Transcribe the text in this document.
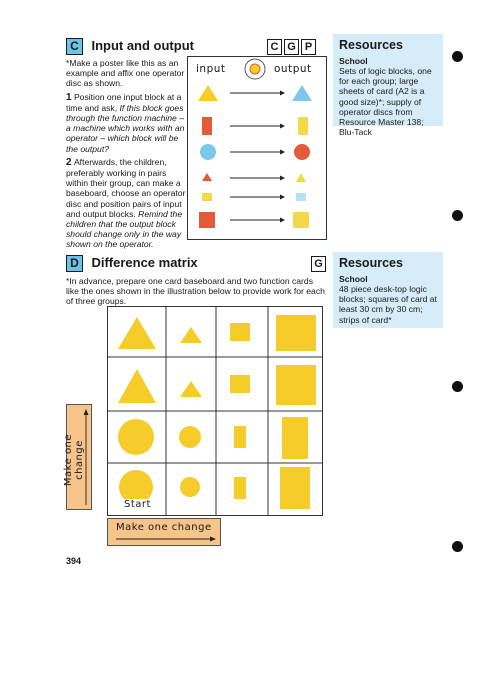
C Input and output	C G P

*Make a poster like this as an example and affix one operator disc as shown.

1 Position one input block at a time and ask, If this block goes through the function machine – a machine which works with an operator – which block will be the output?

2 Afterwards, the children, preferably working in pairs within their group, can make a baseboard, choose an operator disc and position pairs of input and output blocks. Remind the children that the output block should change only in the way shown on the operator.

input	output
Resources
School
Sets of logic blocks, one for each group; large sheets of card (A2 is a good size)*; supply of operator discs from Resource Master 138; Blu-Tack
D Difference matrix	G
*In advance, prepare one card baseboard and two function cards like the ones shown in the illustration below to provide work for each of three groups.
Resources
School
48 piece desk-top logic blocks; squares of card at least 30 cm by 30 cm; strips of card*
Start
Make one change
Make one change
394
